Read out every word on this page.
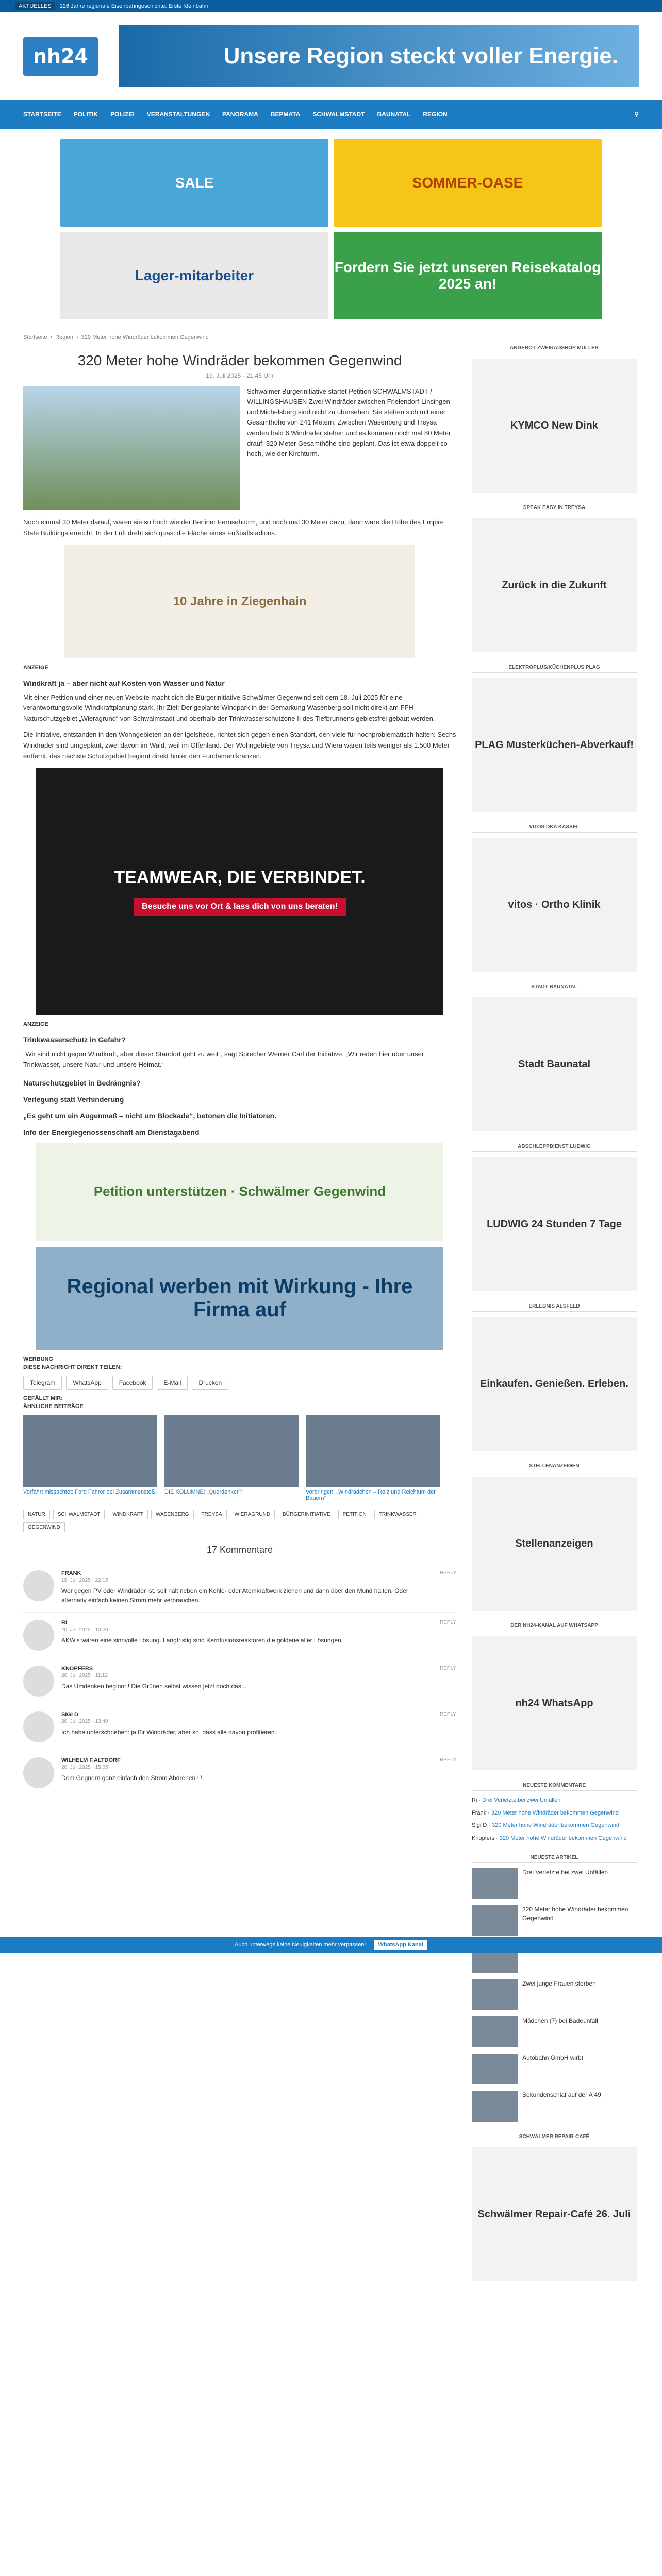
AKTUELLES	126 Jahre regionale Eisenbahngeschichte: Erste Kleinbahn
nh24	Unsere Region steckt voller Energie.
STARTSEITE POLITIK POLIZEI VERANSTALTUNGEN PANORAMA BEPMATA SCHWALMSTADT BAUNATAL REGION	⚲
SALE	SOMMER-OASE
Lager-mitarbeiter
Fordern Sie jetzt unseren Reisekatalog 2025 an!
Startseite › Region › 320 Meter hohe Windräder bekommen Gegenwind
320 Meter hohe Windräder bekommen Gegenwind
19. Juli 2025 · 21:45 Uhr

Schwälmer Bürgerinitiative startet Petition SCHWALMSTADT / WILLINGSHAUSEN Zwei Windräder zwischen Frielendorf-Linsingen und Michelsberg sind nicht zu übersehen. Sie stehen sich mit einer Gesamthöhe von 241 Metern. Zwischen Wasenberg und Treysa werden bald 6 Windräder stehen und es kommen noch mal 80 Meter drauf: 320 Meter Gesamthöhe sind geplant. Das ist etwa doppelt so hoch, wie der Kirchturm.

Noch einmal 30 Meter darauf, wären sie so hoch wie der Berliner Fernsehturm, und noch mal 30 Meter dazu, dann wäre die Höhe des Empire State Buildings erreicht. In der Luft dreht sich quasi die Fläche eines Fußballstadions.

10 Jahre in Ziegenhain
ANZEIGE
Windkraft ja – aber nicht auf Kosten von Wasser und Natur

Mit einer Petition und einer neuen Website macht sich die Bürgerinitiative Schwälmer Gegenwind seit dem 18. Juli 2025 für eine verantwortungsvolle Windkraftplanung stark. Ihr Ziel: Der geplante Windpark in der Gemarkung Wasenberg soll nicht direkt am FFH-Naturschutzgebiet „Wieragrund“ von Schwalmstadt und oberhalb der Trinkwasserschutzone II des Tiefbrunnens gebietsfrei gebaut werden.

Die Initiative, entstanden in den Wohngebieten an der Igelshede, richtet sich gegen einen Standort, den viele für hochproblematisch halten: Sechs Windräder sind umgeplant, zwei davon im Wald, weil im Offenland. Der Wohngebiete von Treysa und Wiera wären teils weniger als 1.500 Meter entfernt, das nächste Schutzgebiet beginnt direkt hinter den Fundamentkränzen.

TEAMWEAR, DIE VERBINDET.
Besuche uns vor Ort & lass dich von uns beraten!
ANZEIGE
Trinkwasserschutz in Gefahr?

„Wir sind nicht gegen Windkraft, aber dieser Standort geht zu weit“, sagt Sprecher Werner Carl der Initiative. „Wir reden hier über unser Trinkwasser, unsere Natur und unsere Heimat.“

Naturschutzgebiet in Bedrängnis?
Verlegung statt Verhinderung
„Es geht um ein Augenmaß – nicht um Blockade“, betonen die Initiatoren.
Info der Energiegenossenschaft am Dienstagabend
Petition unterstützen · Schwälmer Gegenwind
Regional werben mit Wirkung - Ihre Firma auf
WERBUNG
DIESE NACHRICHT DIREKT TEILEN:
Telegram	WhatsApp	Facebook	E-Mail	Drucken
GEFÄLLT MIR:
ÄHNLICHE BEITRÄGE
Vorfahrt missachtet: Ford Fahrer bei Zusammenstoß	DIE KOLUMNE: „Querdenker?“	Vorbringen: „Windrädchen – Reiz und Reichtum der Bauern“
NATUR	SCHWALMSTADT	WINDKRAFT	WASENBERG	TREYSA	WIERAGRUND	BÜRGERINITIATIVE	PETITION	TRINKWASSER
GEGENWIND
17 Kommentare
FRANK
19. Juli 2025 · 22:15
Wer gegen PV oder Windräder ist, soll halt neben ein Kohle- oder Atomkraftwerk ziehen und dann über den Mund halten. Oder alternativ einfach keinen Strom mehr verbrauchen.
REPLY
RI
20. Juli 2025 · 10:20
AKW's wären eine sinnvolle Lösung. Langfristig sind Kernfusionsreaktoren die goldene aller Lösungen.
REPLY
KNOPFERS
20. Juli 2025 · 11:12
Das Umdenken beginnt ! Die Grünen selbst wissen jetzt doch das...
REPLY
SIGI D
20. Juli 2025 · 13:40
Ich habe unterschrieben: ja für Windräder, aber so, dass alle davon profitieren.
REPLY
WILHELM F.ALTDORF
20. Juli 2025 · 15:05
Dem Gegnern ganz einfach den Strom Abdrehen !!!
REPLY
ANGEBOT ZWEIRADSHOP MÜLLER
KYMCO New Dink
SPEAK EASY IN TREYSA
Zurück in die Zukunft
ELEKTROPLUS/KÜCHENPLUS PLAG
PLAG Musterküchen-Abverkauf!
VITOS DKA KASSEL
vitos · Ortho Klinik
STADT BAUNATAL
Stadt Baunatal
ABSCHLEPPDIENST LUDWIG
LUDWIG 24 Stunden 7 Tage
ERLEBNIS ALSFELD
Einkaufen. Genießen. Erleben.
STELLENANZEIGEN
Stellenanzeigen
DER NH24-KANAL AUF WHATSAPP
nh24 WhatsApp
NEUESTE KOMMENTARE
Ri · Drei Verletzte bei zwei Unfällen
Frank · 320 Meter hohe Windräder bekommen Gegenwind
Sigi D · 320 Meter hohe Windräder bekommen Gegenwind
Knopfers · 320 Meter hohe Windräder bekommen Gegenwind
NEUESTE ARTIKEL
Drei Verletzte bei zwei Unfällen
320 Meter hohe Windräder bekommen Gegenwind
Zwei junge Frauen sterben
Mädchen (7) bei Badeunfall
Autobahn GmbH wirbt
Sekundenschlaf auf der A 49
SCHWÄLMER REPAIR-CAFÉ
Schwälmer Repair-Café 26. Juli
Auch unterwegs keine Neuigkeiten mehr verpassen!	WhatsApp Kanal
